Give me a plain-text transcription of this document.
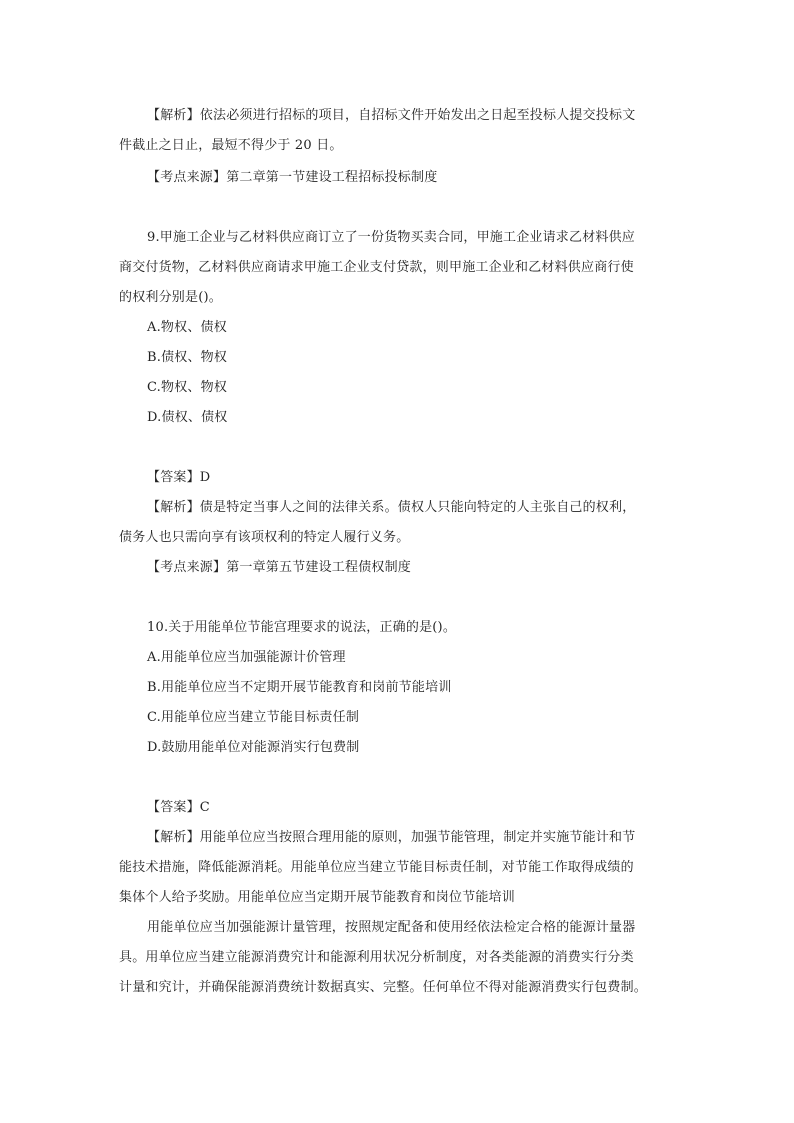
【解析】依法必须进行招标的项目，自招标文件开始发出之日起至投标人提交投标文
件截止之日止，最短不得少于 20 日。
【考点来源】第二章第一节建设工程招标投标制度
9.甲施工企业与乙材料供应商订立了一份货物买卖合同，甲施工企业请求乙材料供应
商交付货物，乙材料供应商请求甲施工企业支付贷款，则甲施工企业和乙材料供应商行使
的权利分别是()。
A.物权、债权
B.债权、物权
C.物权、物权
D.债权、债权
【答案】D
【解析】债是特定当事人之间的法律关系。债权人只能向特定的人主张自己的权利，
债务人也只需向享有该项权利的特定人履行义务。
【考点来源】第一章第五节建设工程债权制度
10.关于用能单位节能宫理要求的说法，正确的是()。
A.用能单位应当加强能源计价管理
B.用能单位应当不定期开展节能教育和岗前节能培训
C.用能单位应当建立节能目标责任制
D.鼓励用能单位对能源消实行包费制
【答案】C
【解析】用能单位应当按照合理用能的原则，加强节能管理，制定并实施节能计和节
能技术措施，降低能源消耗。用能单位应当建立节能目标责任制，对节能工作取得成绩的
集体个人给予奖励。用能单位应当定期开展节能教育和岗位节能培训
用能单位应当加强能源计量管理，按照规定配备和使用经依法检定合格的能源计量器
具。用单位应当建立能源消费究计和能源利用状况分析制度，对各类能源的消费实行分类
计量和究计，并确保能源消费统计数据真实、完整。任何单位不得对能源消费实行包费制。
